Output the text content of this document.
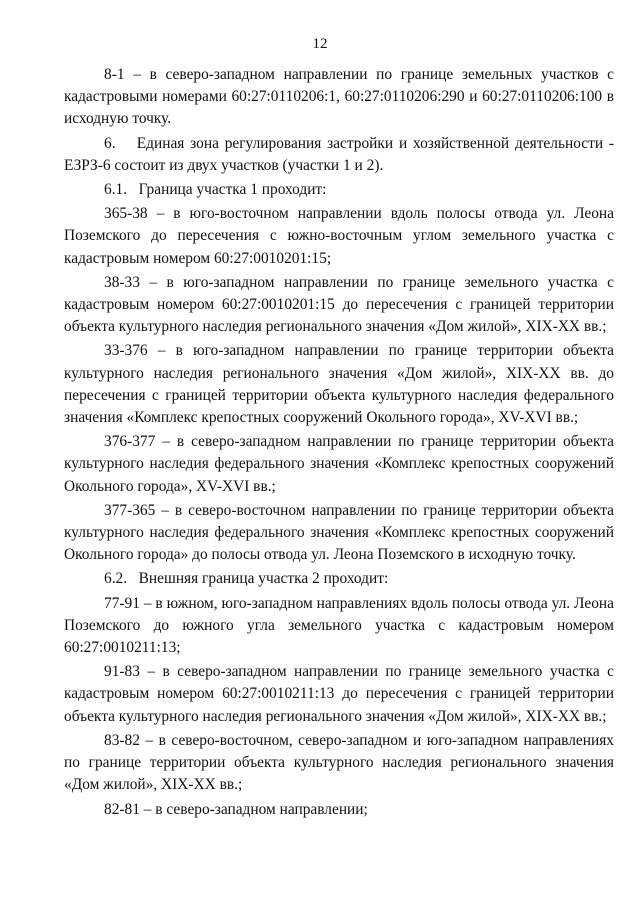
12

8-1 – в северо-западном направлении по границе земельных участков с кадастровыми номерами 60:27:0110206:1, 60:27:0110206:290 и 60:27:0110206:100 в исходную точку.

6.  Единая зона регулирования застройки и хозяйственной деятельности - ЕЗРЗ-6 состоит из двух участков (участки 1 и 2).

6.1.  Граница участка 1 проходит:

365-38 – в юго-восточном направлении вдоль полосы отвода ул. Леона Поземского до пересечения с южно-восточным углом земельного участка с кадастровым номером 60:27:0010201:15;

38-33 – в юго-западном направлении по границе земельного участка с кадастровым номером 60:27:0010201:15 до пересечения с границей территории объекта культурного наследия регионального значения «Дом жилой», XIX-XX вв.;

33-376 – в юго-западном направлении по границе территории объекта культурного наследия регионального значения «Дом жилой», XIX-XX вв. до пересечения с границей территории объекта культурного наследия федерального значения «Комплекс крепостных сооружений Окольного города», XV-XVI вв.;

376-377 – в северо-западном направлении по границе территории объекта культурного наследия федерального значения «Комплекс крепостных сооружений Окольного города», XV-XVI вв.;

377-365 – в северо-восточном направлении по границе территории объекта культурного наследия федерального значения «Комплекс крепостных сооружений Окольного города» до полосы отвода ул. Леона Поземского в исходную точку.

6.2.  Внешняя граница участка 2 проходит:

77-91 – в южном, юго-западном направлениях вдоль полосы отвода ул. Леона Поземского до южного угла земельного участка с кадастровым номером 60:27:0010211:13;

91-83 – в северо-западном направлении по границе земельного участка с кадастровым номером 60:27:0010211:13 до пересечения с границей территории объекта культурного наследия регионального значения «Дом жилой», XIX-XX вв.;

83-82 – в северо-восточном, северо-западном и юго-западном направлениях по границе территории объекта культурного наследия регионального значения «Дом жилой», XIX-XX вв.;

82-81 – в северо-западном направлении;
